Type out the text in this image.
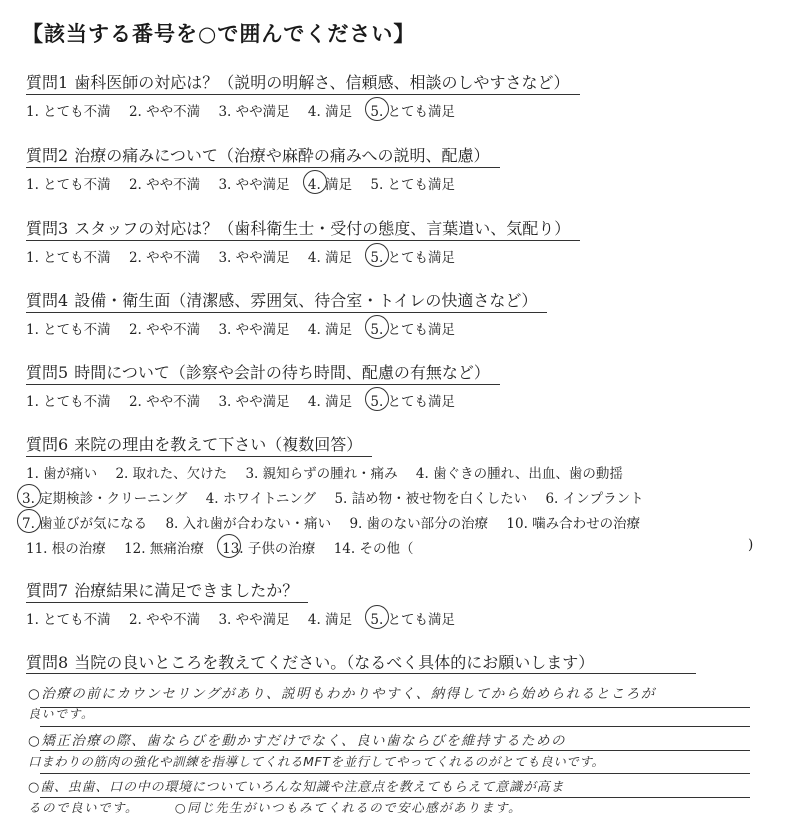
【該当する番号を○で囲んでください】
質問1 歯科医師の対応は？（説明の明解さ、信頼感、相談のしやすさなど）
1. とても不満 2. やや不満 3. やや満足 4. 満足 5. とても満足
質問2 治療の痛みについて（治療や麻酔の痛みへの説明、配慮）
1. とても不満 2. やや不満 3. やや満足 4. 満足 5. とても満足
質問3 スタッフの対応は？（歯科衛生士・受付の態度、言葉遣い、気配り）
1. とても不満 2. やや不満 3. やや満足 4. 満足 5. とても満足
質問4 設備・衛生面（清潔感、雰囲気、待合室・トイレの快適さなど）
1. とても不満 2. やや不満 3. やや満足 4. 満足 5. とても満足
質問5 時間について（診察や会計の待ち時間、配慮の有無など）
1. とても不満 2. やや不満 3. やや満足 4. 満足 5. とても満足
質問6 来院の理由を教えて下さい（複数回答）
1. 歯が痛い 2. 取れた、欠けた 3. 親知らずの腫れ・痛み 4. 歯ぐきの腫れ、出血、歯の動揺
3. 定期検診・クリーニング 4. ホワイトニング 5. 詰め物・被せ物を白くしたい 6. インプラント
7. 歯並びが気になる 8. 入れ歯が合わない・痛い 9. 歯のない部分の治療 10. 噛み合わせの治療
11. 根の治療 12. 無痛治療 13. 子供の治療 14. その他（	)
質問7 治療結果に満足できましたか？
1. とても不満 2. やや不満 3. やや満足 4. 満足 5. とても満足
質問8 当院の良いところを教えてください。（なるべく具体的にお願いします）
○治療の前にカウンセリングがあり、説明もわかりやすく、納得してから始められるところが
良いです。
○矯正治療の際、歯ならびを動かすだけでなく、良い歯ならびを維持するための
口まわりの筋肉の強化や訓練を指導してくれるMFTを並行してやってくれるのがとても良いです。
○歯、虫歯、口の中の環境についていろんな知識や注意点を教えてもらえて意識が高ま
るので良いです。　　　○同じ先生がいつもみてくれるので安心感があります。
